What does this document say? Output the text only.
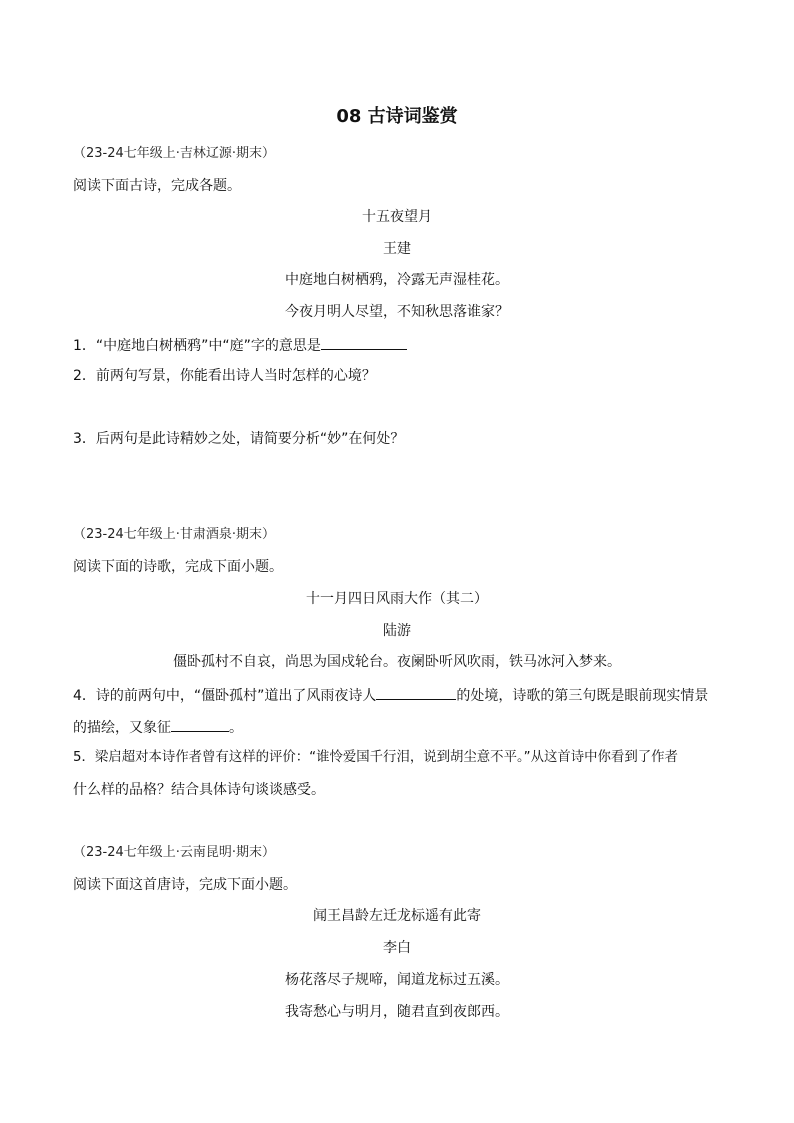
08 古诗词鉴赏
（23-24七年级上·吉林辽源·期末）
阅读下面古诗，完成各题。
十五夜望月
王建
中庭地白树栖鸦，冷露无声湿桂花。
今夜月明人尽望，不知秋思落谁家？
1．“中庭地白树栖鸦”中“庭”字的意思是
2．前两句写景，你能看出诗人当时怎样的心境？
3．后两句是此诗精妙之处，请简要分析“妙”在何处？
（23-24七年级上·甘肃酒泉·期末）
阅读下面的诗歌，完成下面小题。
十一月四日风雨大作（其二）
陆游
僵卧孤村不自哀，尚思为国戍轮台。夜阑卧听风吹雨，铁马冰河入梦来。
4．诗的前两句中，“僵卧孤村”道出了风雨夜诗人	的处境，诗歌的第三句既是眼前现实情景
的描绘，又象征	。
5．梁启超对本诗作者曾有这样的评价：“谁怜爱国千行泪，说到胡尘意不平。”从这首诗中你看到了作者
什么样的品格？结合具体诗句谈谈感受。
（23-24七年级上·云南昆明·期末）
阅读下面这首唐诗，完成下面小题。
闻王昌龄左迁龙标遥有此寄
李白
杨花落尽子规啼，闻道龙标过五溪。
我寄愁心与明月，随君直到夜郎西。
